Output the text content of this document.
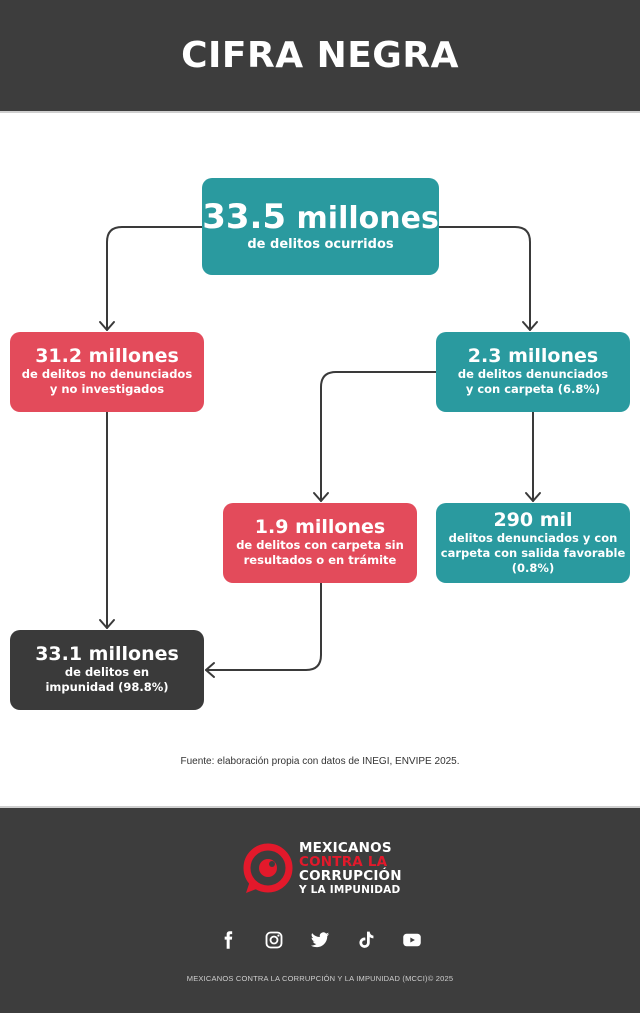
CIFRA NEGRA
33.5 millones
de delitos ocurridos
31.2 millones
de delitos no denunciados
y no investigados
2.3 millones
de delitos denunciados
y con carpeta (6.8%)
1.9 millones
de delitos con carpeta sin
resultados o en trámite
290 mil
delitos denunciados y con
carpeta con salida favorable
(0.8%)
33.1 millones
de delitos en
impunidad (98.8%)
Fuente: elaboración propia con datos de INEGI, ENVIPE 2025.
MEXICANOS
CONTRA LA
CORRUPCIÓN
Y LA IMPUNIDAD
MEXICANOS CONTRA LA CORRUPCIÓN Y LA IMPUNIDAD (MCCI)© 2025
